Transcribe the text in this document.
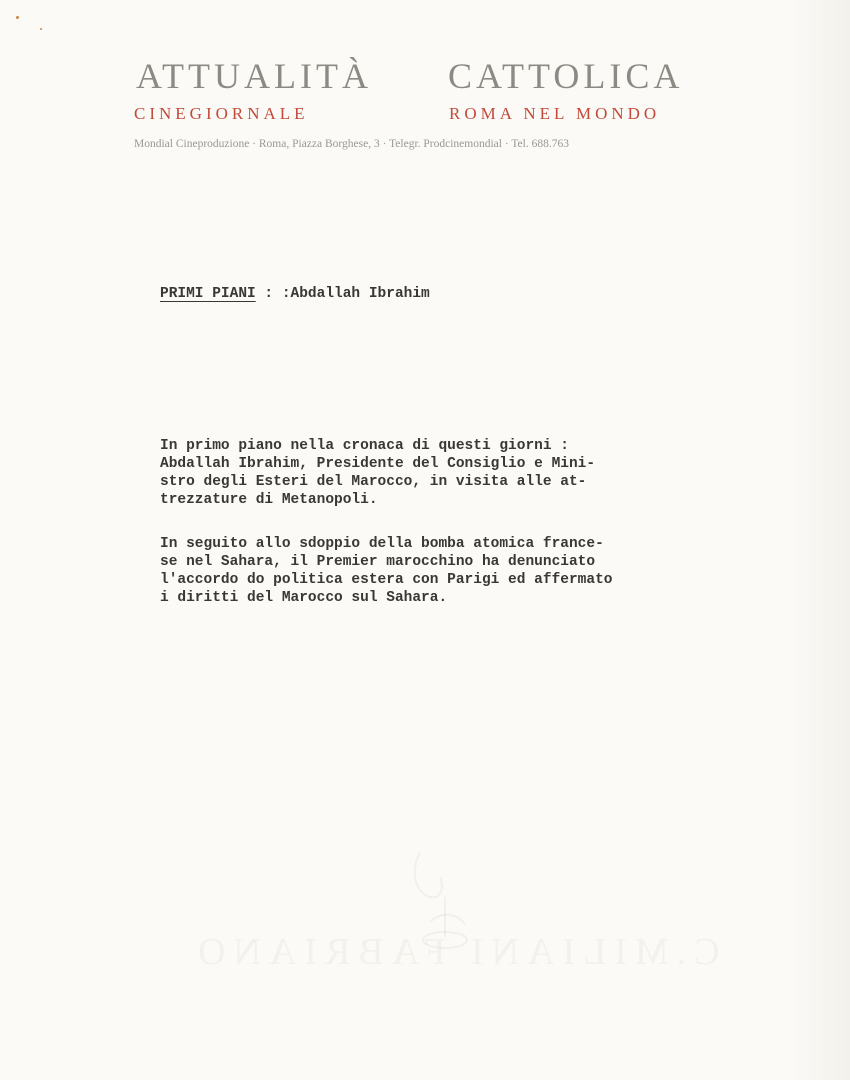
ATTUALITÀ CATTOLICA
CINEGIORNALE	ROMA NEL MONDO
Mondial Cineproduzione · Roma, Piazza Borghese, 3 · Telegr. Prodcinemondial · Tel. 688.763
PRIMI PIANI : :Abdallah Ibrahim
In primo piano nella cronaca di questi giorni :
Abdallah Ibrahim, Presidente del Consiglio e Mini-
stro degli Esteri del Marocco, in visita alle at-
trezzature di Metanopoli.
In seguito allo sdoppio della bomba atomica france-
se nel Sahara, il Premier marocchino ha denunciato
l'accordo do politica estera con Parigi ed affermato
i diritti del Marocco sul Sahara.
C.MILIANI FABRIANO
